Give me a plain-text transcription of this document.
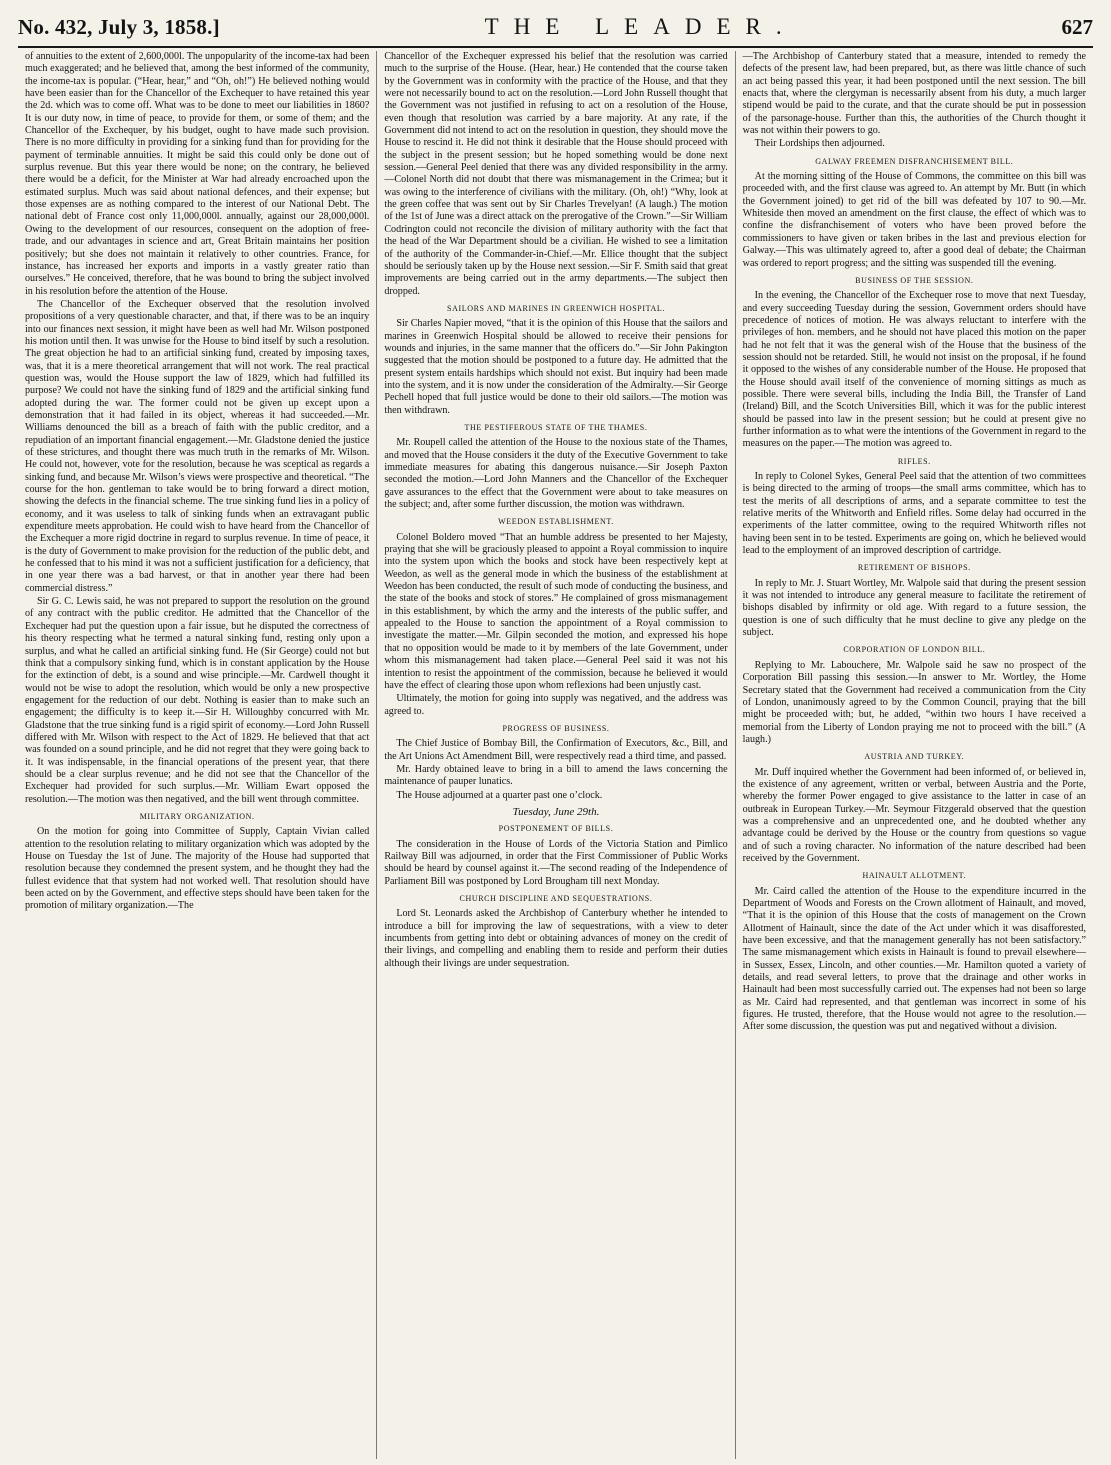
No. 432, July 3, 1858.]	THE LEADER.	627

of annuities to the extent of 2,600,000l. The unpopularity of the income-tax had been much exaggerated; and he believed that, among the best informed of the community, the income-tax is popular. (“Hear, hear,” and “Oh, oh!”) He believed nothing would have been easier than for the Chancellor of the Exchequer to have retained this year the 2d. which was to come off. What was to be done to meet our liabilities in 1860? It is our duty now, in time of peace, to provide for them, or some of them; and the Chancellor of the Exchequer, by his budget, ought to have made such provision. There is no more difficulty in providing for a sinking fund than for providing for the payment of terminable annuities. It might be said this could only be done out of surplus revenue. But this year there would be none; on the contrary, he believed there would be a deficit, for the Minister at War had already encroached upon the estimated surplus. Much was said about national defences, and their expense; but those expenses are as nothing compared to the interest of our National Debt. The national debt of France cost only 11,000,000l. annually, against our 28,000,000l. Owing to the development of our resources, consequent on the adoption of free-trade, and our advantages in science and art, Great Britain maintains her position positively; but she does not maintain it relatively to other countries. France, for instance, has increased her exports and imports in a vastly greater ratio than ourselves.” He conceived, therefore, that he was bound to bring the subject involved in his resolution before the attention of the House.

The Chancellor of the Exchequer observed that the resolution involved propositions of a very questionable character, and that, if there was to be an inquiry into our finances next session, it might have been as well had Mr. Wilson postponed his motion until then. It was unwise for the House to bind itself by such a resolution. The great objection he had to an artificial sinking fund, created by imposing taxes, was, that it is a mere theoretical arrangement that will not work. The real practical question was, would the House support the law of 1829, which had fulfilled its purpose? We could not have the sinking fund of 1829 and the artificial sinking fund adopted during the war. The former could not be given up except upon a demonstration that it had failed in its object, whereas it had succeeded.—Mr. Williams denounced the bill as a breach of faith with the public creditor, and a repudiation of an important financial engagement.—Mr. Gladstone denied the justice of these strictures, and thought there was much truth in the remarks of Mr. Wilson. He could not, however, vote for the resolution, because he was sceptical as regards a sinking fund, and because Mr. Wilson’s views were prospective and theoretical. “The course for the hon. gentleman to take would be to bring forward a direct motion, showing the defects in the financial scheme. The true sinking fund lies in a policy of economy, and it was useless to talk of sinking funds when an extravagant public expenditure meets approbation. He could wish to have heard from the Chancellor of the Exchequer a more rigid doctrine in regard to surplus revenue. In time of peace, it is the duty of Government to make provision for the reduction of the public debt, and he confessed that to his mind it was not a sufficient justification for a deficiency, that in one year there was a bad harvest, or that in another year there had been commercial distress.”

Sir G. C. Lewis said, he was not prepared to support the resolution on the ground of any contract with the public creditor. He admitted that the Chancellor of the Exchequer had put the question upon a fair issue, but he disputed the correctness of his theory respecting what he termed a natural sinking fund, resting only upon a surplus, and what he called an artificial sinking fund. He (Sir George) could not but think that a compulsory sinking fund, which is in constant application by the House for the extinction of debt, is a sound and wise principle.—Mr. Cardwell thought it would not be wise to adopt the resolution, which would be only a new prospective engagement for the reduction of our debt. Nothing is easier than to make such an engagement; the difficulty is to keep it.—Sir H. Willoughby concurred with Mr. Gladstone that the true sinking fund is a rigid spirit of economy.—Lord John Russell differed with Mr. Wilson with respect to the Act of 1829. He believed that that act was founded on a sound principle, and he did not regret that they were going back to it. It was indispensable, in the financial operations of the present year, that there should be a clear surplus revenue; and he did not see that the Chancellor of the Exchequer had provided for such surplus.—Mr. William Ewart opposed the resolution.—The motion was then negatived, and the bill went through committee.

MILITARY ORGANIZATION.

On the motion for going into Committee of Supply, Captain Vivian called attention to the resolution relating to military organization which was adopted by the House on Tuesday the 1st of June. The majority of the House had supported that resolution because they condemned the present system, and he thought they had the fullest evidence that that system had not worked well. That resolution should have been acted on by the Government, and effective steps should have been taken for the promotion of military organization.—The

Chancellor of the Exchequer expressed his belief that the resolution was carried much to the surprise of the House. (Hear, hear.) He contended that the course taken by the Government was in conformity with the practice of the House, and that they were not necessarily bound to act on the resolution.—Lord John Russell thought that the Government was not justified in refusing to act on a resolution of the House, even though that resolution was carried by a bare majority. At any rate, if the Government did not intend to act on the resolution in question, they should move the House to rescind it. He did not think it desirable that the House should proceed with the subject in the present session; but he hoped something would be done next session.—General Peel denied that there was any divided responsibility in the army.—Colonel North did not doubt that there was mismanagement in the Crimea; but it was owing to the interference of civilians with the military. (Oh, oh!) “Why, look at the green coffee that was sent out by Sir Charles Trevelyan! (A laugh.) The motion of the 1st of June was a direct attack on the prerogative of the Crown.”—Sir William Codrington could not reconcile the division of military authority with the fact that the head of the War Department should be a civilian. He wished to see a limitation of the authority of the Commander-in-Chief.—Mr. Ellice thought that the subject should be seriously taken up by the House next session.—Sir F. Smith said that great improvements are being carried out in the army departments.—The subject then dropped.

SAILORS AND MARINES IN GREENWICH HOSPITAL.

Sir Charles Napier moved, “that it is the opinion of this House that the sailors and marines in Greenwich Hospital should be allowed to receive their pensions for wounds and injuries, in the same manner that the officers do.”—Sir John Pakington suggested that the motion should be postponed to a future day. He admitted that the present system entails hardships which should not exist. But inquiry had been made into the system, and it is now under the consideration of the Admiralty.—Sir George Pechell hoped that full justice would be done to their old sailors.—The motion was then withdrawn.

THE PESTIFEROUS STATE OF THE THAMES.

Mr. Roupell called the attention of the House to the noxious state of the Thames, and moved that the House considers it the duty of the Executive Government to take immediate measures for abating this dangerous nuisance.—Sir Joseph Paxton seconded the motion.—Lord John Manners and the Chancellor of the Exchequer gave assurances to the effect that the Government were about to take measures on the subject; and, after some further discussion, the motion was withdrawn.

WEEDON ESTABLISHMENT.

Colonel Boldero moved “That an humble address be presented to her Majesty, praying that she will be graciously pleased to appoint a Royal commission to inquire into the system upon which the books and stock have been respectively kept at Weedon, as well as the general mode in which the business of the establishment at Weedon has been conducted, the result of such mode of conducting the business, and the state of the books and stock of stores.” He complained of gross mismanagement in this establishment, by which the army and the interests of the public suffer, and appealed to the House to sanction the appointment of a Royal commission to investigate the matter.—Mr. Gilpin seconded the motion, and expressed his hope that no opposition would be made to it by members of the late Government, under whom this mismanagement had taken place.—General Peel said it was not his intention to resist the appointment of the commission, because he believed it would have the effect of clearing those upon whom reflexions had been unjustly cast.

Ultimately, the motion for going into supply was negatived, and the address was agreed to.

PROGRESS OF BUSINESS.

The Chief Justice of Bombay Bill, the Confirmation of Executors, &c., Bill, and the Art Unions Act Amendment Bill, were respectively read a third time, and passed.

Mr. Hardy obtained leave to bring in a bill to amend the laws concerning the maintenance of pauper lunatics.

The House adjourned at a quarter past one o’clock.

Tuesday, June 29th.
POSTPONEMENT OF BILLS.

The consideration in the House of Lords of the Victoria Station and Pimlico Railway Bill was adjourned, in order that the First Commissioner of Public Works should be heard by counsel against it.—The second reading of the Independence of Parliament Bill was postponed by Lord Brougham till next Monday.

CHURCH DISCIPLINE AND SEQUESTRATIONS.

Lord St. Leonards asked the Archbishop of Canterbury whether he intended to introduce a bill for improving the law of sequestrations, with a view to deter incumbents from getting into debt or obtaining advances of money on the credit of their livings, and compelling and enabling them to reside and perform their duties although their livings are under sequestration.

—The Archbishop of Canterbury stated that a measure, intended to remedy the defects of the present law, had been prepared, but, as there was little chance of such an act being passed this year, it had been postponed until the next session. The bill enacts that, where the clergyman is necessarily absent from his duty, a much larger stipend would be paid to the curate, and that the curate should be put in possession of the parsonage-house. Further than this, the authorities of the Church thought it was not within their powers to go.

Their Lordships then adjourned.

GALWAY FREEMEN DISFRANCHISEMENT BILL.

At the morning sitting of the House of Commons, the committee on this bill was proceeded with, and the first clause was agreed to. An attempt by Mr. Butt (in which the Government joined) to get rid of the bill was defeated by 107 to 90.—Mr. Whiteside then moved an amendment on the first clause, the effect of which was to confine the disfranchisement of voters who have been proved before the commissioners to have given or taken bribes in the last and previous election for Galway.—This was ultimately agreed to, after a good deal of debate; the Chairman was ordered to report progress; and the sitting was suspended till the evening.

BUSINESS OF THE SESSION.

In the evening, the Chancellor of the Exchequer rose to move that next Tuesday, and every succeeding Tuesday during the session, Government orders should have precedence of notices of motion. He was always reluctant to interfere with the privileges of hon. members, and he should not have placed this motion on the paper had he not felt that it was the general wish of the House that the business of the session should not be retarded. Still, he would not insist on the proposal, if he found it opposed to the wishes of any considerable number of the House. He proposed that the House should avail itself of the convenience of morning sittings as much as possible. There were several bills, including the India Bill, the Transfer of Land (Ireland) Bill, and the Scotch Universities Bill, which it was for the public interest should be passed into law in the present session; but he could at present give no further information as to what were the intentions of the Government in regard to the measures on the paper.—The motion was agreed to.

RIFLES.

In reply to Colonel Sykes, General Peel said that the attention of two committees is being directed to the arming of troops—the small arms committee, which has to test the merits of all descriptions of arms, and a separate committee to test the relative merits of the Whitworth and Enfield rifles. Some delay had occurred in the experiments of the latter committee, owing to the required Whitworth rifles not having been sent in to be tested. Experiments are going on, which he believed would lead to the employment of an improved description of cartridge.

RETIREMENT OF BISHOPS.

In reply to Mr. J. Stuart Wortley, Mr. Walpole said that during the present session it was not intended to introduce any general measure to facilitate the retirement of bishops disabled by infirmity or old age. With regard to a future session, the question is one of such difficulty that he must decline to give any pledge on the subject.

CORPORATION OF LONDON BILL.

Replying to Mr. Labouchere, Mr. Walpole said he saw no prospect of the Corporation Bill passing this session.—In answer to Mr. Wortley, the Home Secretary stated that the Government had received a communication from the City of London, unanimously agreed to by the Common Council, praying that the bill might be proceeded with; but, he added, “within two hours I have received a memorial from the Liberty of London praying me not to proceed with the bill.” (A laugh.)

AUSTRIA AND TURKEY.

Mr. Duff inquired whether the Government had been informed of, or believed in, the existence of any agreement, written or verbal, between Austria and the Porte, whereby the former Power engaged to give assistance to the latter in case of an outbreak in European Turkey.—Mr. Seymour Fitzgerald observed that the question was a comprehensive and an unprecedented one, and he doubted whether any advantage could be derived by the House or the country from questions so vague and of such a roving character. No information of the nature described had been received by the Government.

HAINAULT ALLOTMENT.

Mr. Caird called the attention of the House to the expenditure incurred in the Department of Woods and Forests on the Crown allotment of Hainault, and moved, “That it is the opinion of this House that the costs of management on the Crown Allotment of Hainault, since the date of the Act under which it was disafforested, have been excessive, and that the management generally has not been satisfactory.” The same mismanagement which exists in Hainault is found to prevail elsewhere—in Sussex, Essex, Lincoln, and other counties.—Mr. Hamilton quoted a variety of details, and read several letters, to prove that the drainage and other works in Hainault had been most successfully carried out. The expenses had not been so large as Mr. Caird had represented, and that gentleman was incorrect in some of his figures. He trusted, therefore, that the House would not agree to the resolution.—After some discussion, the question was put and negatived without a division.
